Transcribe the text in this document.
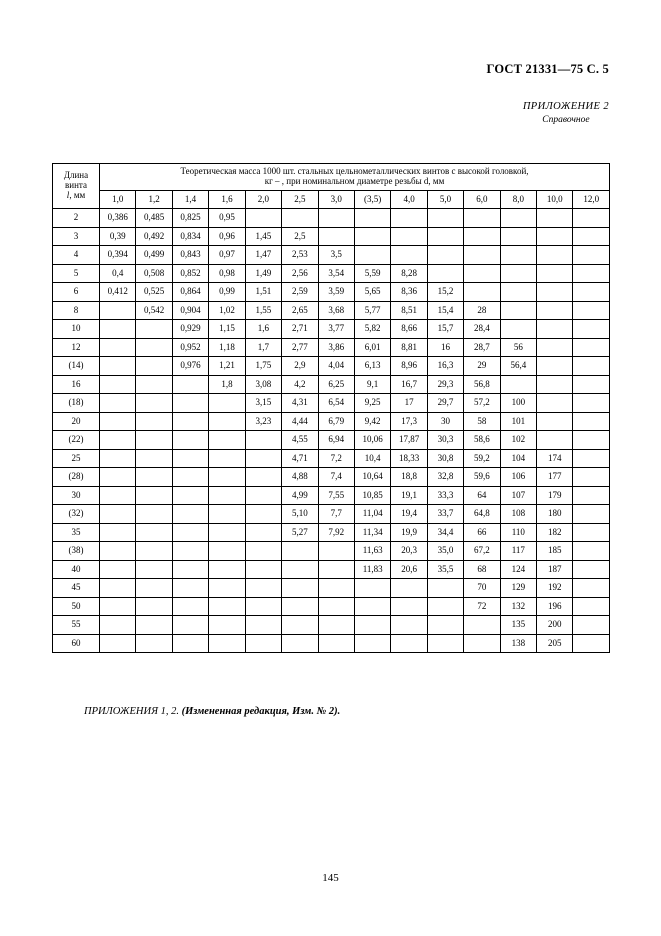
ГОСТ 21331—75 С. 5
ПРИЛОЖЕНИЕ 2
Справочное
Длина
винта
l, мм

Теоретическая масса 1000 шт. стальных цельнометаллических винтов с высокой головкой,
кг – , при номинальном диаметре резьбы d, мм

	1,0	1,2	1,4	1,6	2,0	2,5	3,0	(3,5)	4,0	5,0	6,0	8,0	10,0	12,0
2	0,386	0,485	0,825	0,95										
3	0,39	0,492	0,834	0,96	1,45	2,5								
4	0,394	0,499	0,843	0,97	1,47	2,53	3,5							
5	0,4	0,508	0,852	0,98	1,49	2,56	3,54	5,59	8,28					
6	0,412	0,525	0,864	0,99	1,51	2,59	3,59	5,65	8,36	15,2				
8		0,542	0,904	1,02	1,55	2,65	3,68	5,77	8,51	15,4	28			
10			0,929	1,15	1,6	2,71	3,77	5,82	8,66	15,7	28,4			
12			0,952	1,18	1,7	2,77	3,86	6,01	8,81	16	28,7	56		
(14)			0,976	1,21	1,75	2,9	4,04	6,13	8,96	16,3	29	56,4		
16				1,8	3,08	4,2	6,25	9,1	16,7	29,3	56,8			
(18)					3,15	4,31	6,54	9,25	17	29,7	57,2	100		
20					3,23	4,44	6,79	9,42	17,3	30	58	101		
(22)						4,55	6,94	10,06	17,87	30,3	58,6	102		
25						4,71	7,2	10,4	18,33	30,8	59,2	104	174	
(28)						4,88	7,4	10,64	18,8	32,8	59,6	106	177	
30						4,99	7,55	10,85	19,1	33,3	64	107	179	
(32)						5,10	7,7	11,04	19,4	33,7	64,8	108	180	
35						5,27	7,92	11,34	19,9	34,4	66	110	182	
(38)								11,63	20,3	35,0	67,2	117	185	
40								11,83	20,6	35,5	68	124	187	
45											70	129	192	
50											72	132	196	
55												135	200	
60												138	205	
ПРИЛОЖЕНИЯ 1, 2. (Измененная редакция, Изм. № 2).
145
